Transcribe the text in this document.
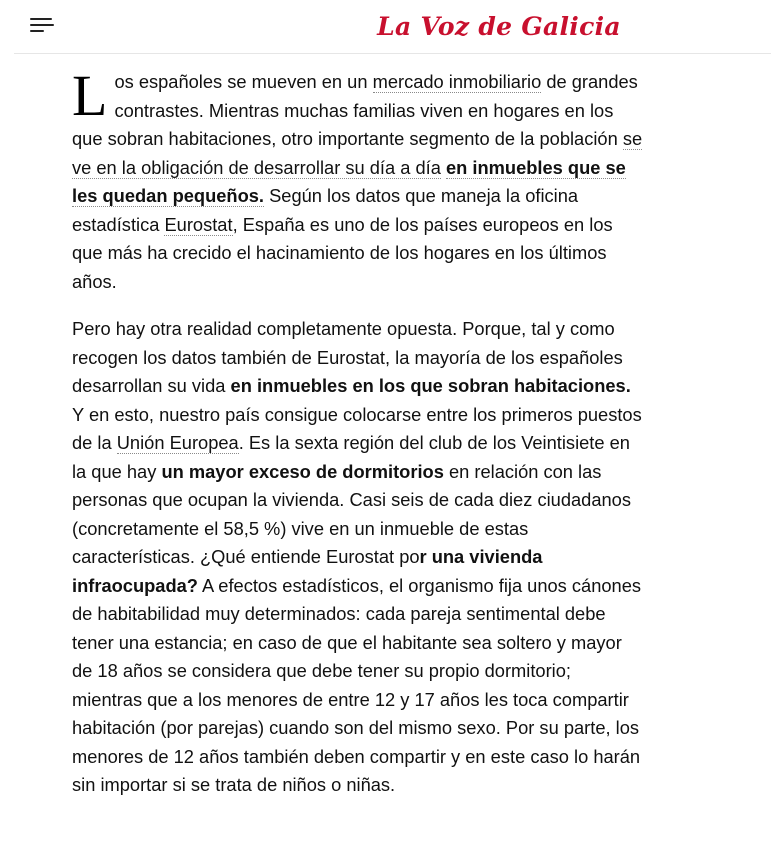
La Voz de Galicia

Los españoles se mueven en un mercado inmobiliario de grandes contrastes. Mientras muchas familias viven en hogares en los que sobran habitaciones, otro importante segmento de la población se ve en la obligación de desarrollar su día a día en inmuebles que se les quedan pequeños. Según los datos que maneja la oficina estadística Eurostat, España es uno de los países europeos en los que más ha crecido el hacinamiento de los hogares en los últimos años.

Pero hay otra realidad completamente opuesta. Porque, tal y como recogen los datos también de Eurostat, la mayoría de los españoles desarrollan su vida en inmuebles en los que sobran habitaciones. Y en esto, nuestro país consigue colocarse entre los primeros puestos de la Unión Europea. Es la sexta región del club de los Veintisiete en la que hay un mayor exceso de dormitorios en relación con las personas que ocupan la vivienda. Casi seis de cada diez ciudadanos (concretamente el 58,5 %) vive en un inmueble de estas características. ¿Qué entiende Eurostat por una vivienda infraocupada? A efectos estadísticos, el organismo fija unos cánones de habitabilidad muy determinados: cada pareja sentimental debe tener una estancia; en caso de que el habitante sea soltero y mayor de 18 años se considera que debe tener su propio dormitorio; mientras que a los menores de entre 12 y 17 años les toca compartir habitación (por parejas) cuando son del mismo sexo. Por su parte, los menores de 12 años también deben compartir y en este caso lo harán sin importar si se trata de niños o niñas.
